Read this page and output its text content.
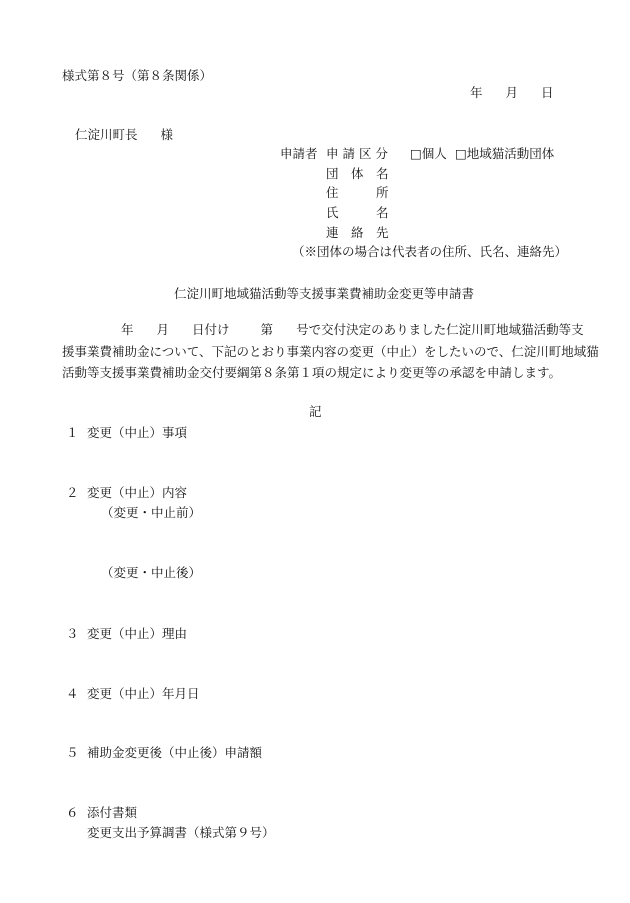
様式第８号（第８条関係）
年 月 日
仁淀川町長 様
申請者 申 請 区 分 □個人 □地域猫活動団体
団　体　名
住　　　所
氏　　　名
連　絡　先
（※団体の場合は代表者の住所、氏名、連絡先）
仁淀川町地域猫活動等支援事業費補助金変更等申請書
年 月 日付け 第 号で交付決定のありました仁淀川町地域猫活動等支
援事業費補助金について、下記のとおり事業内容の変更（中止）をしたいので、仁淀川町地域猫
活動等支援事業費補助金交付要綱第８条第１項の規定により変更等の承認を申請します。
記
１ 変更（中止）事項
２ 変更（中止）内容
（変更・中止前）
（変更・中止後）
３ 変更（中止）理由
４ 変更（中止）年月日
５ 補助金変更後（中止後）申請額
６ 添付書類
変更支出予算調書（様式第９号）
